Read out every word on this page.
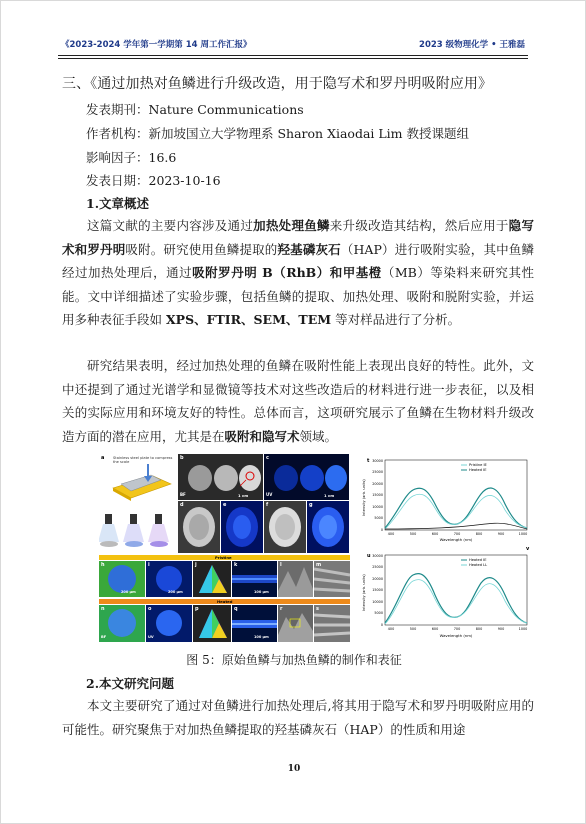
《2023-2024 学年第一学期第 14 周工作汇报》	2023 级物理化学 • 王雅磊
三、《通过加热对鱼鳞进行升级改造，用于隐写术和罗丹明吸附应用》
发表期刊：Nature Communications
作者机构：新加坡国立大学物理系 Sharon Xiaodai Lim 教授课题组
影响因子：16.6
发表日期：2023-10-16
1.文章概述
这篇文献的主要内容涉及通过加热处理鱼鳞来升级改造其结构，然后应用于隐写术和罗丹明吸附。研究使用鱼鳞提取的羟基磷灰石（HAP）进行吸附实验，其中鱼鳞经过加热处理后，通过吸附罗丹明 B（RhB）和甲基橙（MB）等染料来研究其性能。文中详细描述了实验步骤，包括鱼鳞的提取、加热处理、吸附和脱附实验，并运用多种表征手段如 XPS、FTIR、SEM、TEM 等对样品进行了分析。
研究结果表明，经过加热处理的鱼鳞在吸附性能上表现出良好的特性。此外，文中还提到了通过光谱学和显微镜等技术对这些改造后的材料进行进一步表征，以及相关的实际应用和环境友好的特性。总体而言，这项研究展示了鱼鳞在生物材料升级改造方面的潜在应用，尤其是在吸附和隐写术领域。
a Stainless steel plate to compress the scale
b
BF	1 cm
c
UV	1 cm
d	e	f	g
Pristine
h
200 μm
i
200 μm
j	k
100 μm
l	m
Heated
n
BF
o
UV
p	q
100 μm
r	s
t
Pristine IE
Heated IE
0
5000
10000
15000
20000
25000
30000
400	500	600	700	800	900	1000
Wavelength (nm)
Intensity (arb. units)
u
Heated IE
Heated LL
0
5000
10000
15000
20000
25000
30000
400	500	600	700	800	900	1000
Wavelength (nm)
Intensity (arb. units)
v
图 5：原始鱼鳞与加热鱼鳞的制作和表征
2.本文研究问题
本文主要研究了通过对鱼鳞进行加热处理后,将其用于隐写术和罗丹明吸附应用的可能性。研究聚焦于对加热鱼鳞提取的羟基磷灰石（HAP）的性质和用途
10
